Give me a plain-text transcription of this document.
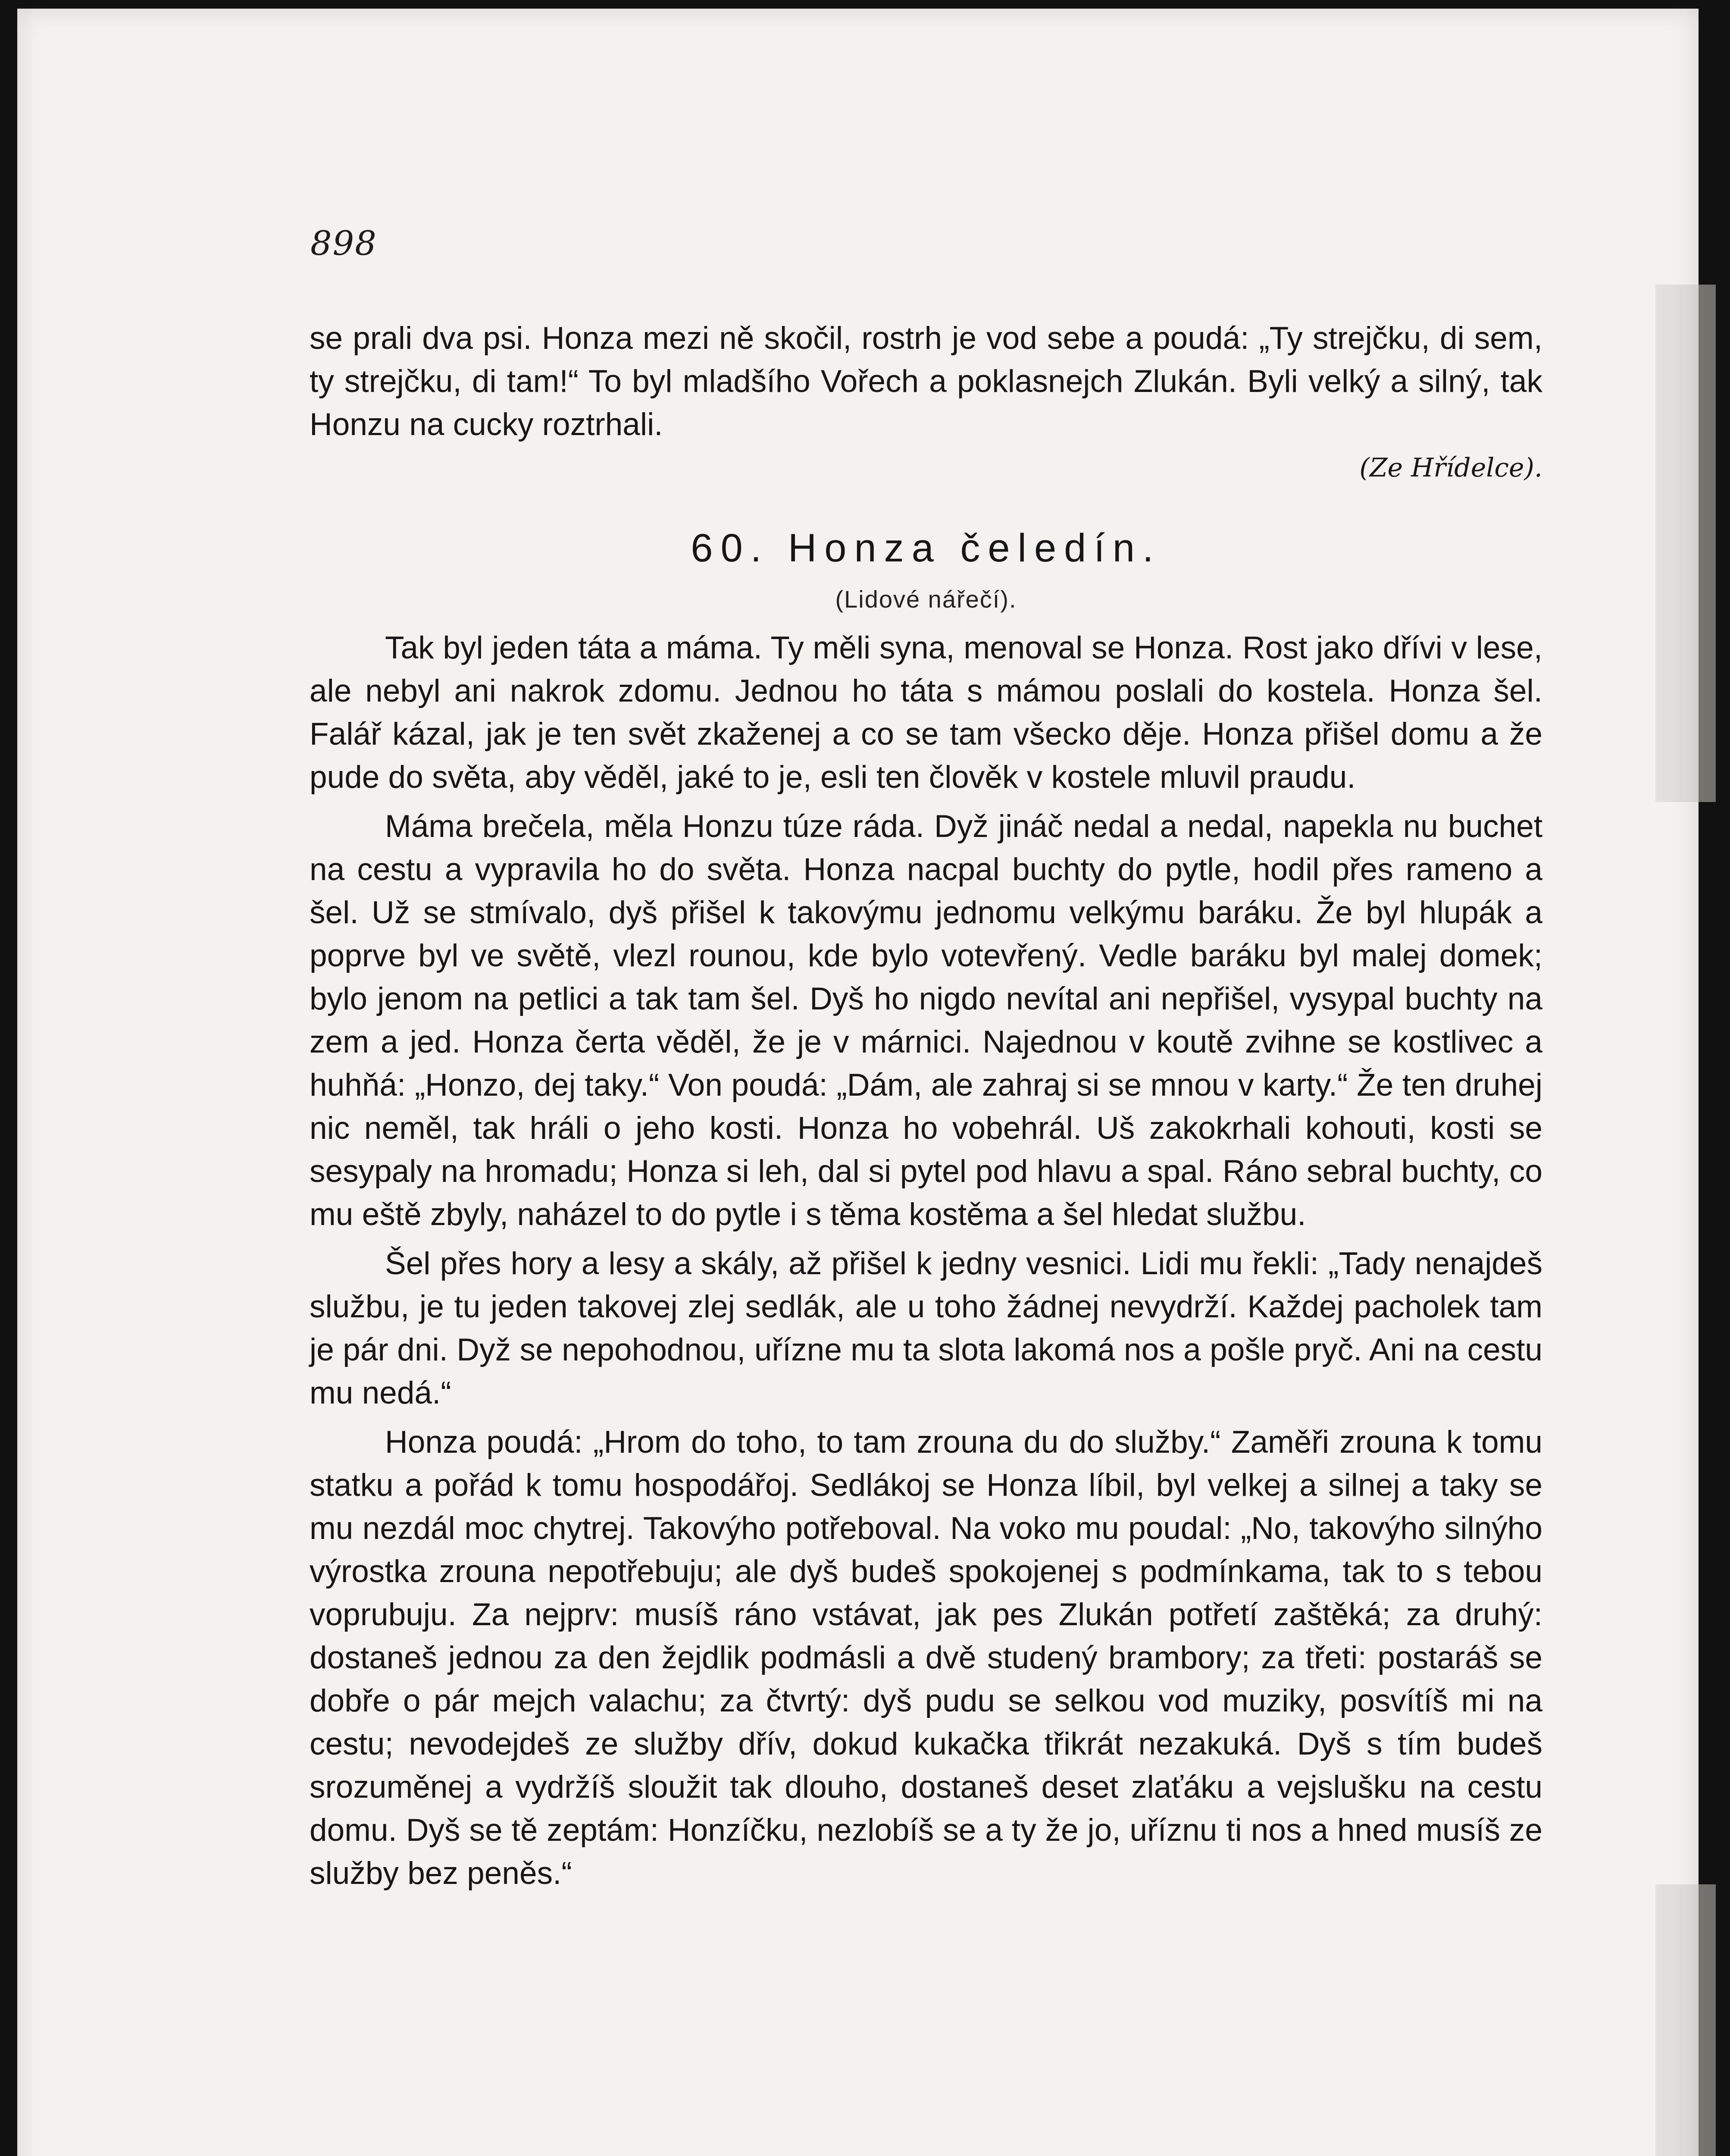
898

se prali dva psi. Honza mezi ně skočil, rostrh je vod sebe a poudá: „Ty strejčku, di sem, ty strejčku, di tam!“ To byl mladšího Vořech a poklasnejch Zlukán. Byli velký a silný, tak Honzu na cucky roztrhali.

(Ze Hřídelce).
60. Honza čeledín.
(Lidové nářečí).

Tak byl jeden táta a máma. Ty měli syna, menoval se Honza. Rost jako dřívi v lese, ale nebyl ani nakrok zdomu. Jednou ho táta s mámou poslali do kostela. Honza šel. Falář kázal, jak je ten svět zkaženej a co se tam všecko děje. Honza přišel domu a že pude do světa, aby věděl, jaké to je, esli ten člověk v kostele mluvil praudu.

Máma brečela, měla Honzu túze ráda. Dyž jináč nedal a nedal, napekla nu buchet na cestu a vypravila ho do světa. Honza nacpal buchty do pytle, hodil přes rameno a šel. Už se stmívalo, dyš přišel k takovýmu jednomu velkýmu baráku. Že byl hlupák a poprve byl ve světě, vlezl rounou, kde bylo votevřený. Vedle baráku byl malej domek; bylo jenom na petlici a tak tam šel. Dyš ho nigdo nevítal ani nepřišel, vysypal buchty na zem a jed. Honza čerta věděl, že je v márnici. Najednou v koutě zvihne se kostlivec a huhňá: „Honzo, dej taky.“ Von poudá: „Dám, ale zahraj si se mnou v karty.“ Že ten druhej nic neměl, tak hráli o jeho kosti. Honza ho vobehrál. Uš zakokrhali kohouti, kosti se sesypaly na hromadu; Honza si leh, dal si pytel pod hlavu a spal. Ráno sebral buchty, co mu eště zbyly, naházel to do pytle i s těma kostěma a šel hledat službu.

Šel přes hory a lesy a skály, až přišel k jedny vesnici. Lidi mu řekli: „Tady nenajdeš službu, je tu jeden takovej zlej sedlák, ale u toho žádnej nevydrží. Každej pacholek tam je pár dni. Dyž se nepohodnou, uřízne mu ta slota lakomá nos a pošle pryč. Ani na cestu mu nedá.“

Honza poudá: „Hrom do toho, to tam zrouna du do služby.“ Zaměři zrouna k tomu statku a pořád k tomu hospodářoj. Sedlákoj se Honza líbil, byl velkej a silnej a taky se mu nezdál moc chytrej. Takovýho potřeboval. Na voko mu poudal: „No, takovýho silnýho výrostka zrouna nepotřebuju; ale dyš budeš spokojenej s podmínkama, tak to s tebou voprubuju. Za nejprv: musíš ráno vstávat, jak pes Zlukán potřetí zaštěká; za druhý: dostaneš jednou za den žejdlik podmásli a dvě studený brambory; za třeti: postaráš se dobře o pár mejch valachu; za čtvrtý: dyš pudu se selkou vod muziky, posvítíš mi na cestu; nevodejdeš ze služby dřív, dokud kukačka třikrát nezakuká. Dyš s tím budeš srozuměnej a vydržíš sloužit tak dlouho, dostaneš deset zlaťáku a vejslušku na cestu domu. Dyš se tě zeptám: Honzíčku, nezlobíš se a ty že jo, uříznu ti nos a hned musíš ze služby bez peněs.“
